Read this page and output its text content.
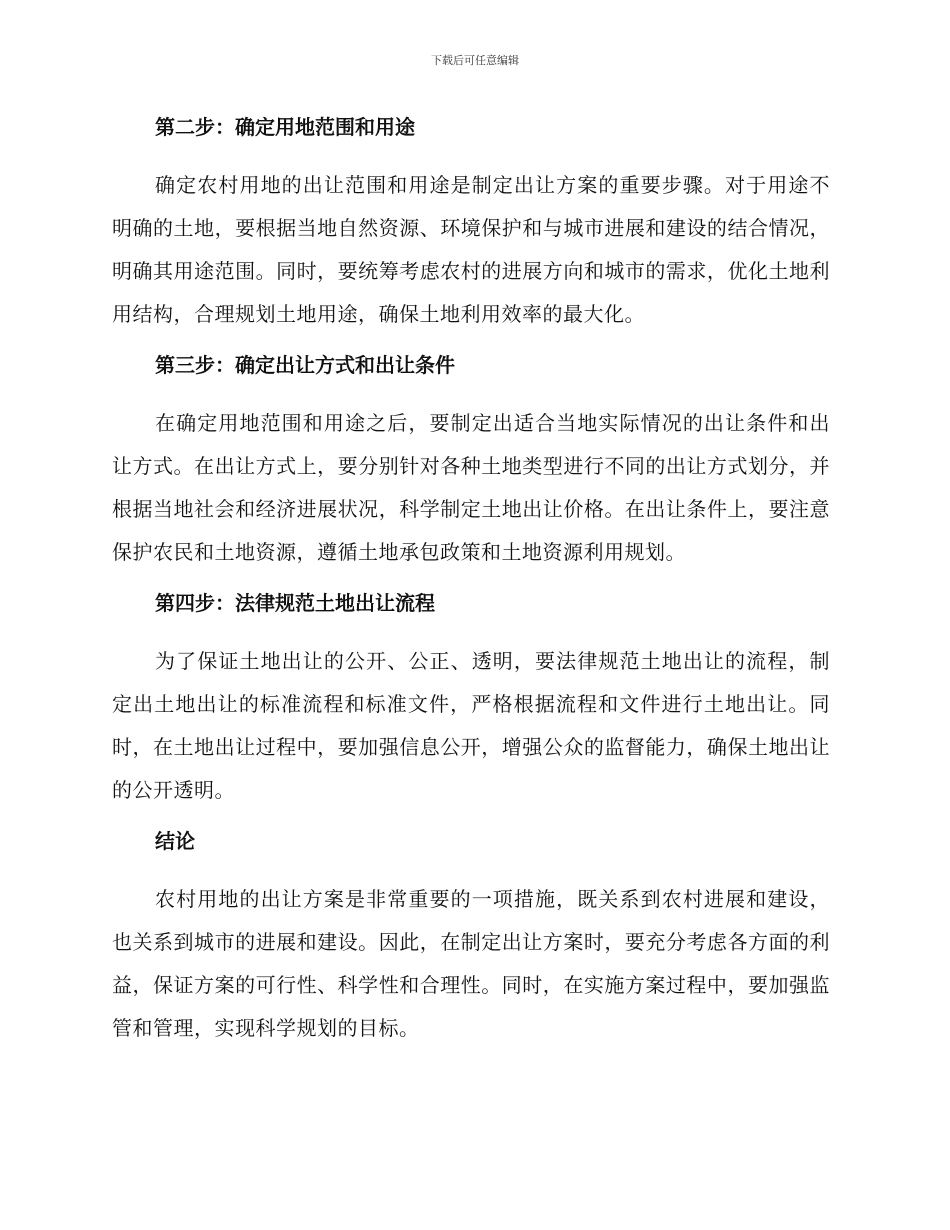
下载后可任意编辑
第二步：确定用地范围和用途

确定农村用地的出让范围和用途是制定出让方案的重要步骤。对于用途不明确的土地，要根据当地自然资源、环境保护和与城市进展和建设的结合情况，明确其用途范围。同时，要统筹考虑农村的进展方向和城市的需求，优化土地利用结构，合理规划土地用途，确保土地利用效率的最大化。

第三步：确定出让方式和出让条件

在确定用地范围和用途之后，要制定出适合当地实际情况的出让条件和出让方式。在出让方式上，要分别针对各种土地类型进行不同的出让方式划分，并根据当地社会和经济进展状况，科学制定土地出让价格。在出让条件上，要注意保护农民和土地资源，遵循土地承包政策和土地资源利用规划。

第四步：法律规范土地出让流程

为了保证土地出让的公开、公正、透明，要法律规范土地出让的流程，制定出土地出让的标准流程和标准文件，严格根据流程和文件进行土地出让。同时，在土地出让过程中，要加强信息公开，增强公众的监督能力，确保土地出让的公开透明。

结论

农村用地的出让方案是非常重要的一项措施，既关系到农村进展和建设，也关系到城市的进展和建设。因此，在制定出让方案时，要充分考虑各方面的利益，保证方案的可行性、科学性和合理性。同时，在实施方案过程中，要加强监管和管理，实现科学规划的目标。
